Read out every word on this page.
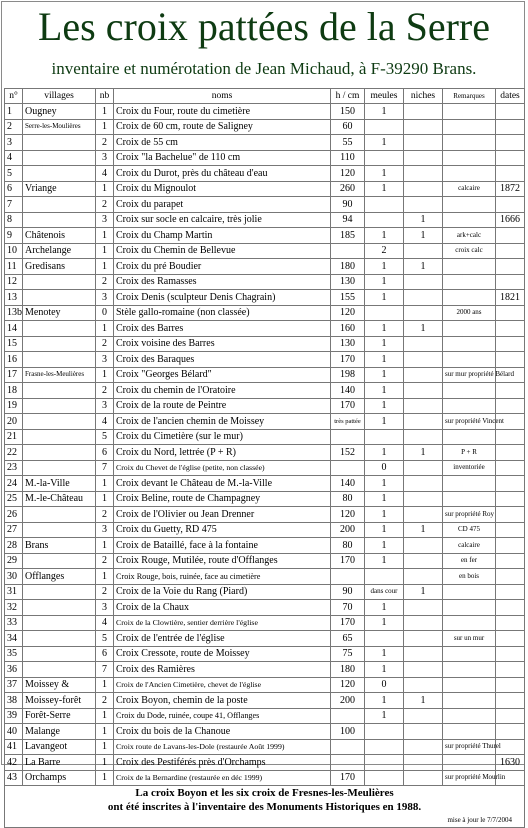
Les croix pattées de la Serre
inventaire et numérotation de Jean Michaud, à F-39290 Brans.
n°	villages	nb	noms	h / cm	meules	niches	Remarques	dates
1	Ougney	1	Croix du Four, route du cimetière	150	1			
2	Serre-les-Moulières	1	Croix de 60 cm, route de Saligney	60				
3		2	Croix de 55 cm	55	1			
4		3	Croix "la Bachelue" de 110 cm	110				
5		4	Croix du Durot, près du château d'eau	120	1			
6	Vriange	1	Croix du Mignoulot	260	1		calcaire	1872
7		2	Croix du parapet	90				
8		3	Croix sur socle en calcaire, très jolie	94		1		1666
9	Châtenois	1	Croix du Champ Martin	185	1	1	ark+calc	
10	Archelange	1	Croix du Chemin de Bellevue		2		croix calc	
11	Gredisans	1	Croix du pré Boudier	180	1	1		
12		2	Croix des Ramasses	130	1			
13		3	Croix Denis (sculpteur Denis Chagrain)	155	1			1821
13b	Menotey	0	Stèle gallo-romaine (non classée)	120			2000 ans	
14		1	Croix des Barres	160	1	1		
15		2	Croix voisine des Barres	130	1			
16		3	Croix des Baraques	170	1			
17	Frasne-les-Meulières	1	Croix "Georges Bélard"	198	1		sur mur propriété Bélard	
18		2	Croix du chemin de l'Oratoire	140	1			
19		3	Croix de la route de Peintre	170	1			
20		4	Croix de l'ancien chemin de Moissey	très pattée	1		sur propriété Vincent	
21		5	Croix du Cimetière (sur le mur)					
22		6	Croix du Nord, lettrée (P + R)	152	1	1	P + R	
23		7	Croix du Chevet de l'église (petite, non classée)		0		inventoriée	
24	M.-la-Ville	1	Croix devant le Château de M.-la-Ville	140	1			
25	M.-le-Château	1	Croix Beline, route de Champagney	80	1			
26		2	Croix de l'Olivier ou Jean Drenner	120	1		sur propriété Roy	
27		3	Croix du Guetty, RD 475	200	1	1	CD 475	
28	Brans	1	Croix de Bataillé, face à la fontaine	80	1		calcaire	
29		2	Croix Rouge, Mutilée, route d'Offlanges	170	1		en fer	
30	Offlanges	1	Croix Rouge, bois, ruinée, face au cimetière				en bois	
31		2	Croix de la Voie du Rang (Piard)	90	dans cour	1		
32		3	Croix de la Chaux	70	1			
33		4	Croix de la Clowtière, sentier derrière l'église	170	1			
34		5	Croix de l'entrée de l'église	65			sur un mur	
35		6	Croix Cressote, route de Moissey	75	1			
36		7	Croix des Ramières	180	1			
37	Moissey &	1	Croix de l'Ancien Cimetière, chevet de l'église	120	0			
38	Moissey-forêt	2	Croix Boyon, chemin de la poste	200	1	1		
39	Forêt-Serre	1	Croix du Dode, ruinée, coupe 41, Offlanges		1			
40	Malange	1	Croix du bois de la Chanoue	100				
41	Lavangeot	1	Croix route de Lavans-les-Dole (restaurée Août 1999)				sur propriété Thurel	
42	La Barre	1	Croix des Pestiférés près d'Orchamps					1630
43	Orchamps	1	Croix de la Bernardine (restaurée en déc 1999)	170			sur propriété Mourlin	
La croix Boyon et les six croix de Fresnes-les-Meulières								
ont été inscrites à l'inventaire des Monuments Historiques en 1988.								
mise à jour le 7/7/2004								
